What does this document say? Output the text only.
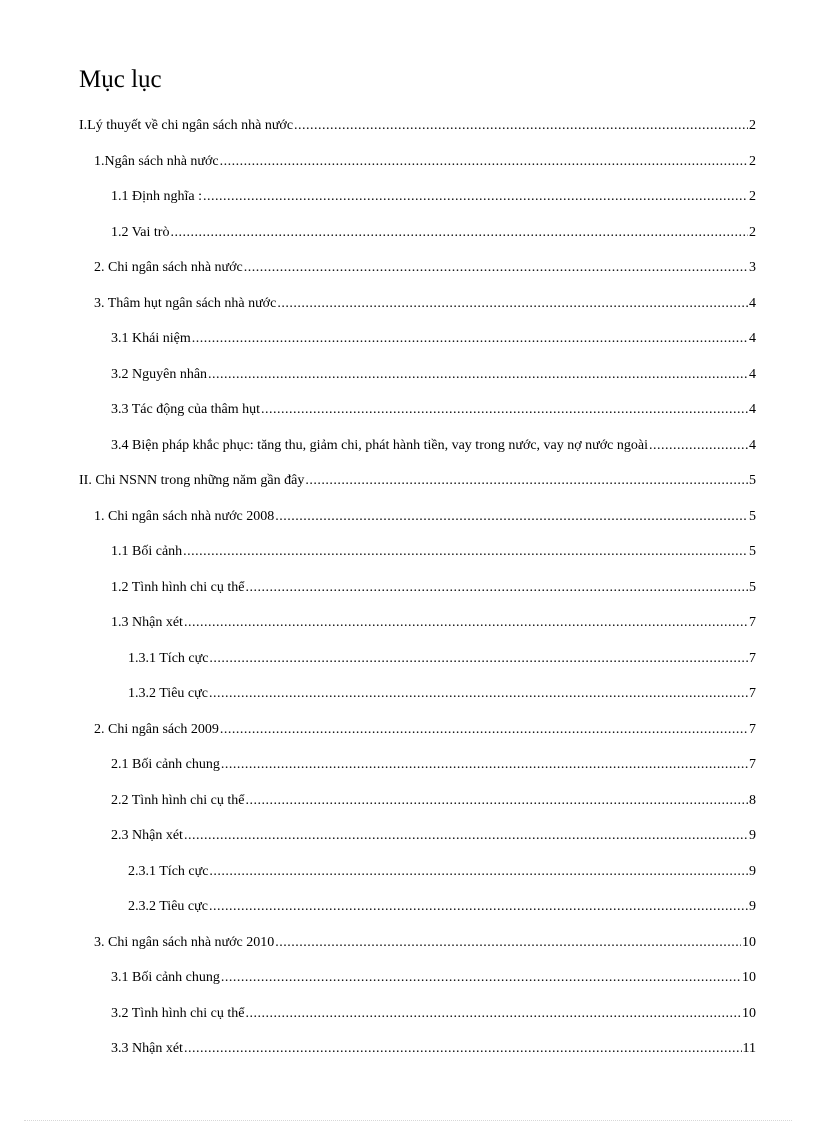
Mục lục
I.Lý thuyết về chi ngân sách nhà nước .....	2
1.Ngân sách nhà nước .....	2
1.1 Định nghĩa : .....	2
1.2 Vai trò .....	2
2. Chi ngân sách nhà nước .....	3
3. Thâm hụt ngân sách nhà nước .....	4
3.1 Khái niệm .....	4
3.2 Nguyên nhân .....	4
3.3 Tác động của thâm hụt .....	4
3.4 Biện pháp khắc phục: tăng thu, giảm chi, phát hành tiền, vay trong nước, vay nợ nước ngoài .....	4
II. Chi NSNN trong những năm gần đây .....	5
1. Chi ngân sách nhà nước 2008 .....	5
1.1 Bối cảnh .....	5
1.2 Tình hình chi cụ thể .....	5
1.3 Nhận xét .....	7
1.3.1 Tích cực .....	7
1.3.2 Tiêu cực .....	7
2. Chi ngân sách 2009 .....	7
2.1 Bối cảnh chung .....	7
2.2 Tình hình chi cụ thể .....	8
2.3 Nhận xét .....	9
2.3.1 Tích cực .....	9
2.3.2 Tiêu cực .....	9
3. Chi ngân sách nhà nước 2010 .....	10
3.1 Bối cảnh chung .....	10
3.2 Tình hình chi cụ thể .....	10
3.3 Nhận xét .....	11
